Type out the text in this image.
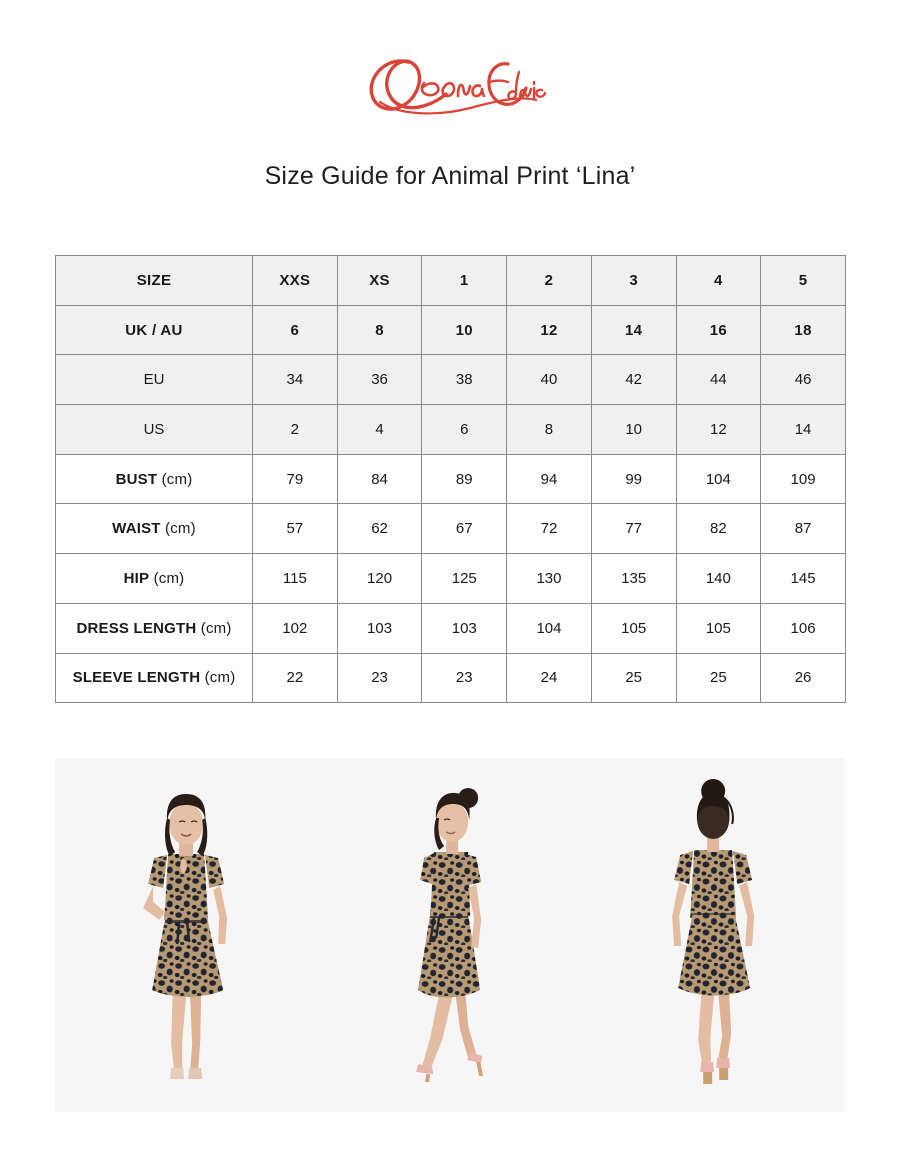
Size Guide for Animal Print ‘Lina’
SIZE	XXS	XS	1	2	3	4	5
UK / AU	6	8	10	12	14	16	18
EU	34	36	38	40	42	44	46
US	2	4	6	8	10	12	14
BUST (cm)	79	84	89	94	99	104	109
WAIST (cm)	57	62	67	72	77	82	87
HIP (cm)	115	120	125	130	135	140	145
DRESS LENGTH (cm)	102	103	103	104	105	105	106
SLEEVE LENGTH (cm)	22	23	23	24	25	25	26
